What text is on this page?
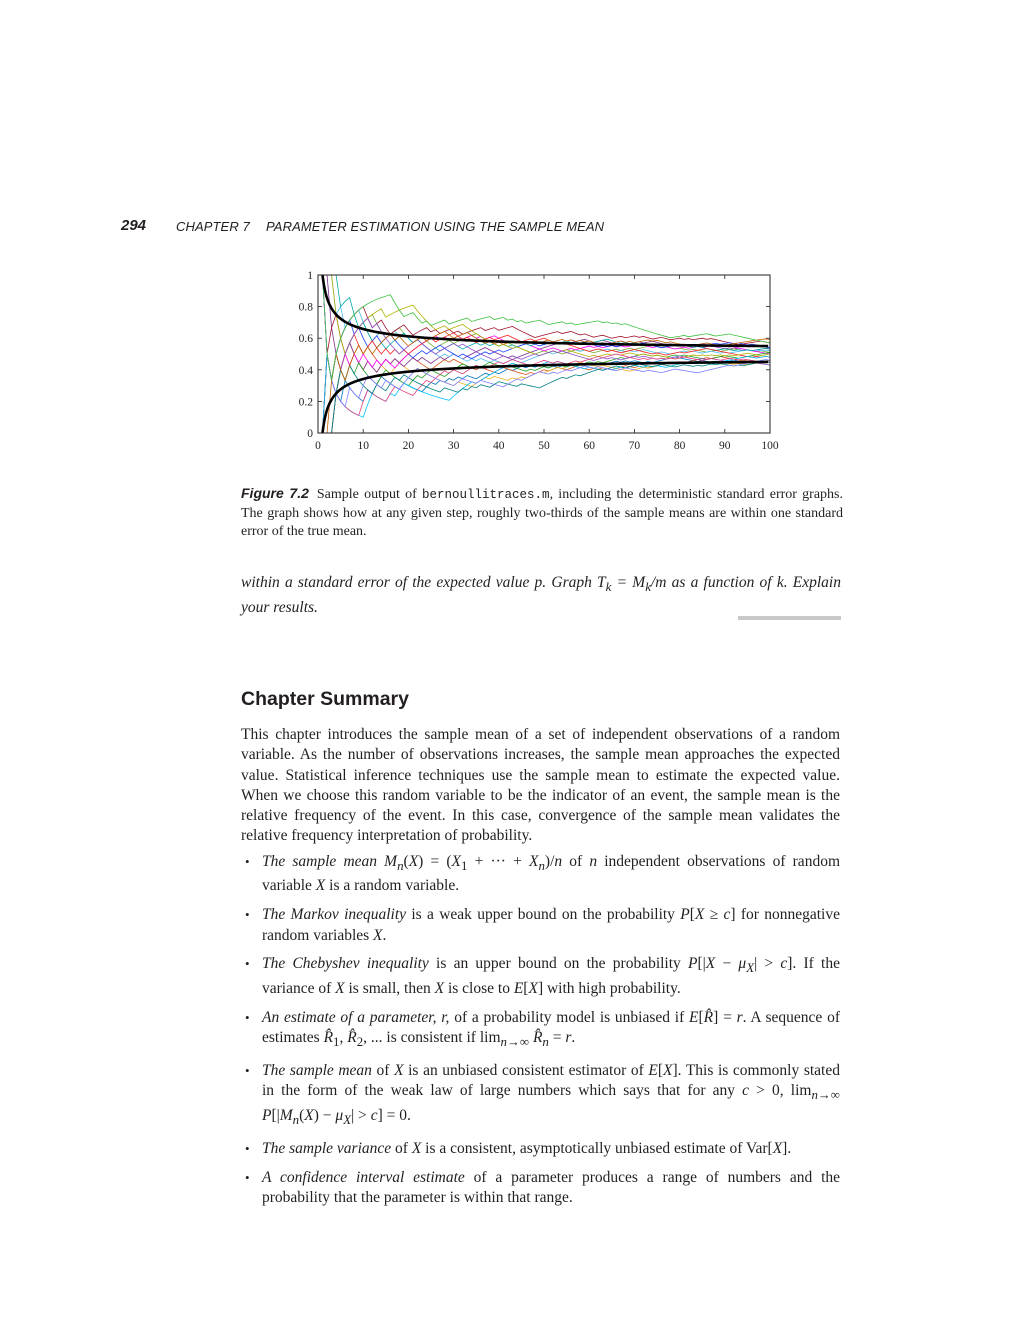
294 CHAPTER 7 PARAMETER ESTIMATION USING THE SAMPLE MEAN
0	10	20	30	40	50	60	70	80	90	100
0
0.2
0.4
0.6
0.8
1
Figure 7.2 Sample output of bernoullitraces.m, including the deterministic standard error graphs. The graph shows how at any given step, roughly two-thirds of the sample means are within one standard error of the true mean.
within a standard error of the expected value p. Graph $T_k = M_k/m$ as a function of k. Explain your results.
Chapter Summary

This chapter introduces the sample mean of a set of independent observations of a random variable. As the number of observations increases, the sample mean approaches the expected value. Statistical inference techniques use the sample mean to estimate the expected value. When we choose this random variable to be the indicator of an event, the sample mean is the relative frequency of the event. In this case, convergence of the sample mean validates the relative frequency interpretation of probability.

• The sample mean $M_n(X) = (X_1$ + ··· + $X_n)/n$ of n independent observations of random variable X is a random variable.
• The Markov inequality is a weak upper bound on the probability P[X ≥ c] for nonnegative random variables X.
• The Chebyshev inequality is an upper bound on the probability $P[|X - \mu_X| > c]$. If the variance of X is small, then X is close to E[X] with high probability.
• An estimate of a parameter, r, of a probability model is unbiased if E[R̂] = r. A sequence of estimates $R̂_1$, $R̂_2$, ... is consistent if $\lim_{n\to\infty}$ $R̂_n = r$.
• The sample mean of X is an unbiased consistent estimator of E[X]. This is commonly stated in the form of the weak law of large numbers which says that for any c > 0, $\lim_{n\to\infty} P[|M_n(X) - \mu_X| > c] = 0$.
• The sample variance of X is a consistent, asymptotically unbiased estimate of Var[X].
• A confidence interval estimate of a parameter produces a range of numbers and the probability that the parameter is within that range.
